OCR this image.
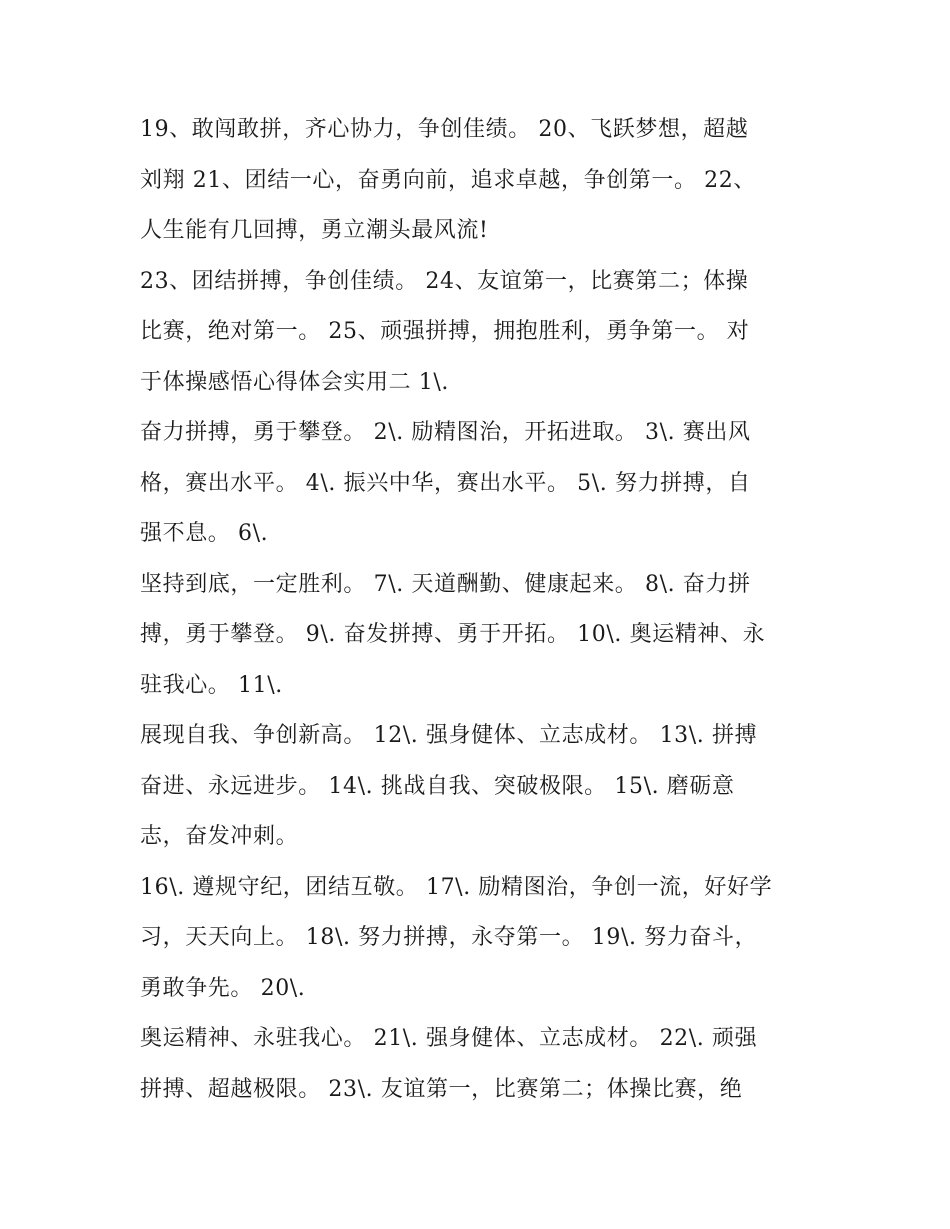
19、敢闯敢拼，齐心协力，争创佳绩。 20、飞跃梦想，超越
刘翔 21、团结一心，奋勇向前，追求卓越，争创第一。 22、
人生能有几回搏，勇立潮头最风流!
23、团结拼搏，争创佳绩。 24、友谊第一，比赛第二；体操
比赛，绝对第一。 25、顽强拼搏，拥抱胜利，勇争第一。 对
于体操感悟心得体会实用二 1\.
奋力拼搏，勇于攀登。 2\. 励精图治，开拓进取。 3\. 赛出风
格，赛出水平。 4\. 振兴中华，赛出水平。 5\. 努力拼搏，自
强不息。 6\.
坚持到底，一定胜利。 7\. 天道酬勤、健康起来。 8\. 奋力拼
搏，勇于攀登。 9\. 奋发拼搏、勇于开拓。 10\. 奥运精神、永
驻我心。 11\.
展现自我、争创新高。 12\. 强身健体、立志成材。 13\. 拼搏
奋进、永远进步。 14\. 挑战自我、突破极限。 15\. 磨砺意
志，奋发冲刺。
16\. 遵规守纪，团结互敬。 17\. 励精图治，争创一流，好好学
习，天天向上。 18\. 努力拼搏，永夺第一。 19\. 努力奋斗，
勇敢争先。 20\.
奥运精神、永驻我心。 21\. 强身健体、立志成材。 22\. 顽强
拼搏、超越极限。 23\. 友谊第一，比赛第二；体操比赛，绝
